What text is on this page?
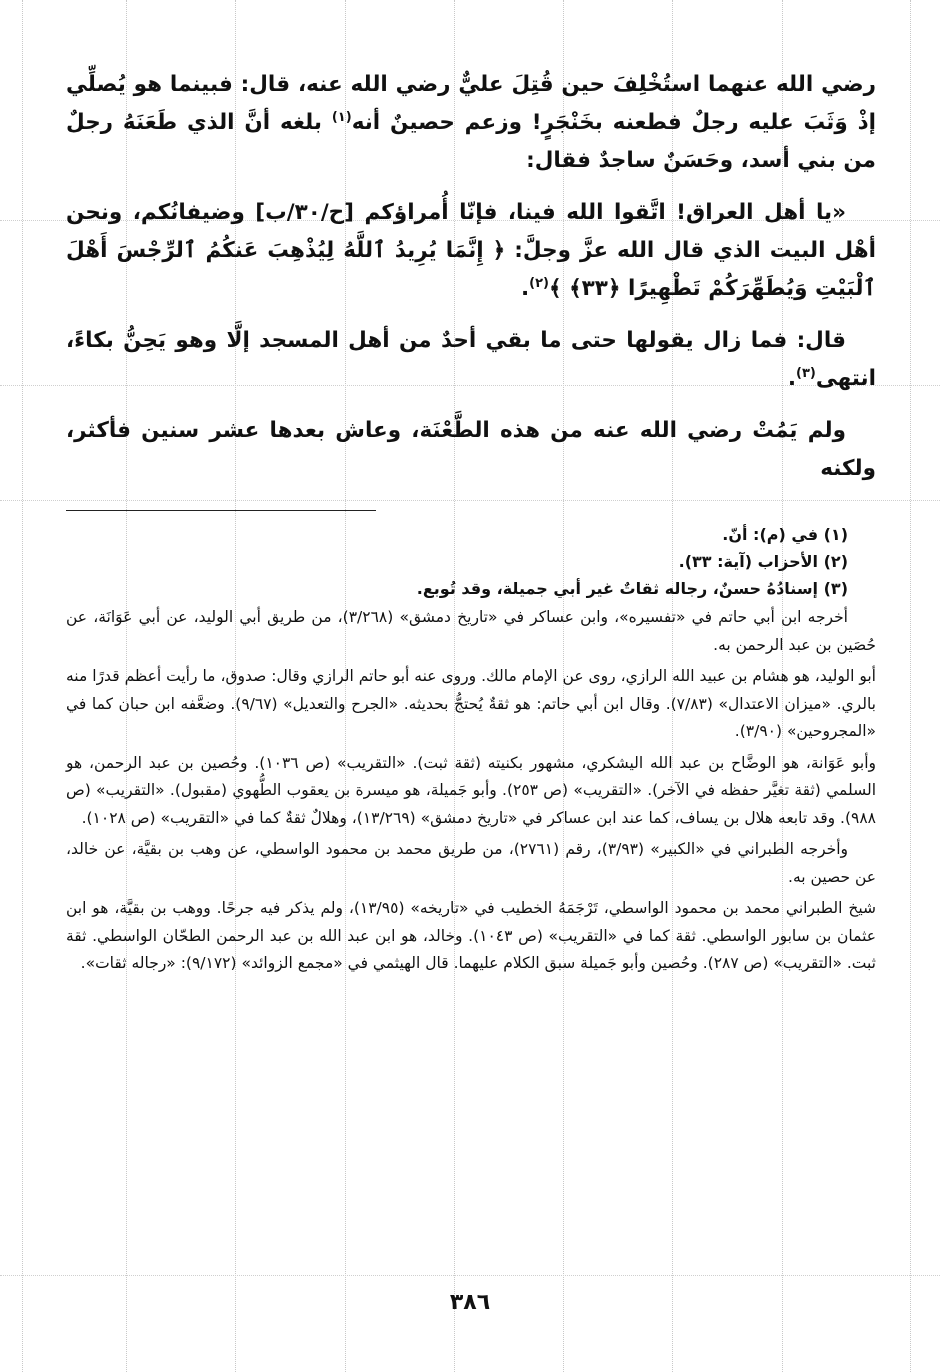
رضي الله عنهما استُخْلِفَ حين قُتِلَ عليٌّ رضي الله عنه، قال: فبينما هو يُصلِّي إذْ وَثَبَ عليه رجلٌ فطعنه بخَنْجَرٍ! وزعم حصينٌ أنه$^{(١)}$ بلغه أنَّ الذي طَعَنَهُ رجلٌ من بني أسد، وحَسَنٌ ساجدٌ فقال:

«يا أهل العراق! اتَّقوا الله فينا، فإنّا أُمراؤكم [ح/٣٠/ب] وضيفانُكم، ونحن أهْل البيت الذي قال الله عزَّ وجلَّ: ﴿ إِنَّمَا يُرِيدُ ٱللَّهُ لِيُذْهِبَ عَنكُمُ ٱلرِّجْسَ أَهْلَ ٱلْبَيْتِ وَيُطَهِّرَكُمْ تَطْهِيرًا ﴿٣٣﴾ ﴾$^{(٢)}$.

قال: فما زال يقولها حتى ما بقي أحدٌ من أهل المسجد إلَّا وهو يَحِنُّ بكاءً، انتهى$^{(٣)}$.

ولم يَمُتْ رضي الله عنه من هذه الطَّعْنَة، وعاش بعدها عشر سنين فأكثر، ولكنه

(١) في (م): أنّ.

(٢) الأحزاب (آية: ٣٣).

(٣) إسنادُهُ حسنٌ، رجاله ثقاتٌ غير أبي جميلة، وقد تُوبع.

أخرجه ابن أبي حاتم في «تفسيره»، وابن عساكر في «تاريخ دمشق» (٣/٢٦٨)، من طريق أبي الوليد، عن أبي عَوَانَة، عن حُصَين بن عبد الرحمن به.

أبو الوليد، هو هشام بن عبيد الله الرازي، روى عن الإمام مالك. وروى عنه أبو حاتم الرازي وقال: صدوق، ما رأيت أعظم قدرًا منه بالري. «ميزان الاعتدال» (٧/٨٣). وقال ابن أبي حاتم: هو ثقةٌ يُحتجُّ بحديثه. «الجرح والتعديل» (٩/٦٧). وضعَّفه ابن حبان كما في «المجروحين» (٣/٩٠).

وأبو عَوَانة، هو الوضَّاح بن عبد الله اليشكري، مشهور بكنيته (ثقة ثبت). «التقريب» (ص ١٠٣٦). وحُصين بن عبد الرحمن، هو السلمي (ثقة تغيَّر حفظه في الآخر). «التقريب» (ص ٢٥٣). وأبو جَميلة، هو ميسرة بن يعقوب الطُّهوي (مقبول). «التقريب» (ص ٩٨٨). وقد تابعه هلال بن يساف، كما عند ابن عساكر في «تاريخ دمشق» (١٣/٢٦٩)، وهلالٌ ثقةٌ كما في «التقريب» (ص ١٠٢٨).

وأخرجه الطبراني في «الكبير» (٣/٩٣)، رقم (٢٧٦١)، من طريق محمد بن محمود الواسطي، عن وهب بن بقيَّة، عن خالد، عن حصين به.

شيخ الطبراني محمد بن محمود الواسطي، تَرْجَمَهُ الخطيب في «تاريخه» (١٣/٩٥)، ولم يذكر فيه جرحًا. ووهب بن بقيَّة، هو ابن عثمان بن سابور الواسطي. ثقة كما في «التقريب» (ص ١٠٤٣). وخالد، هو ابن عبد الله بن عبد الرحمن الطحّان الواسطي. ثقة ثبت. «التقريب» (ص ٢٨٧). وحُصين وأبو جَميلة سبق الكلام عليهما. قال الهيثمي في «مجمع الزوائد» (٩/١٧٢): «رجاله ثقات».

٣٨٦
